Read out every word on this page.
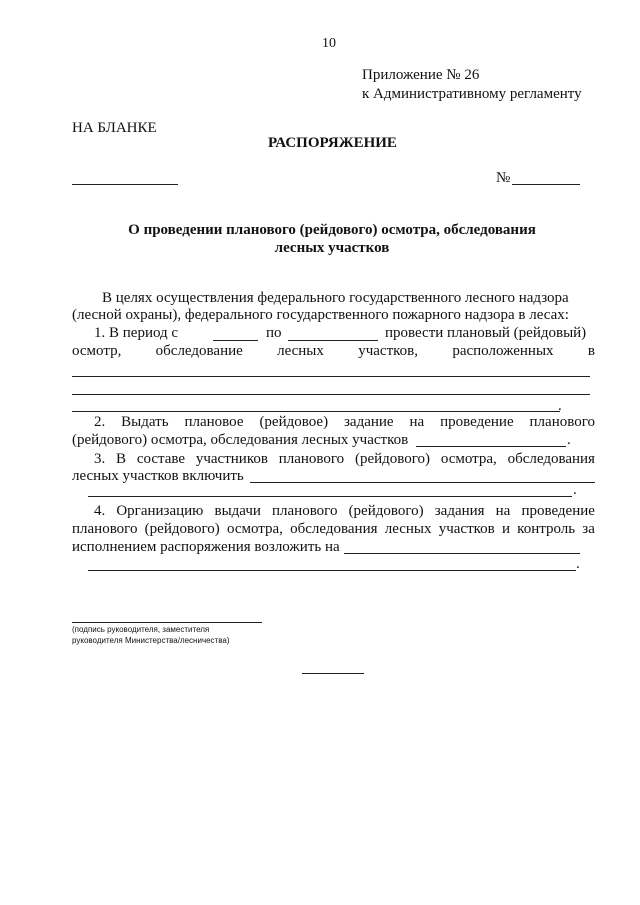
10
Приложение № 26
к Административному регламенту
НА БЛАНКЕ
РАСПОРЯЖЕНИЕ
№
О проведении планового (рейдового) осмотра, обследования
лесных участков
В целях осуществления федерального государственного лесного надзора
(лесной охраны), федерального государственного пожарного надзора в лесах:
1. В период с	по	провести плановый (рейдовый)
осмотр, обследование лесных участков, расположенных в
.
2. Выдать плановое (рейдовое) задание на проведение планового
(рейдового) осмотра, обследования лесных участков	.
3. В составе участников планового (рейдового) осмотра, обследования
лесных участков включить
.
4. Организацию выдачи планового (рейдового) задания на проведение
планового (рейдового) осмотра, обследования лесных участков и контроль за
исполнением распоряжения возложить на
.
(подпись руководителя, заместителя
руководителя Министерства/лесничества)
